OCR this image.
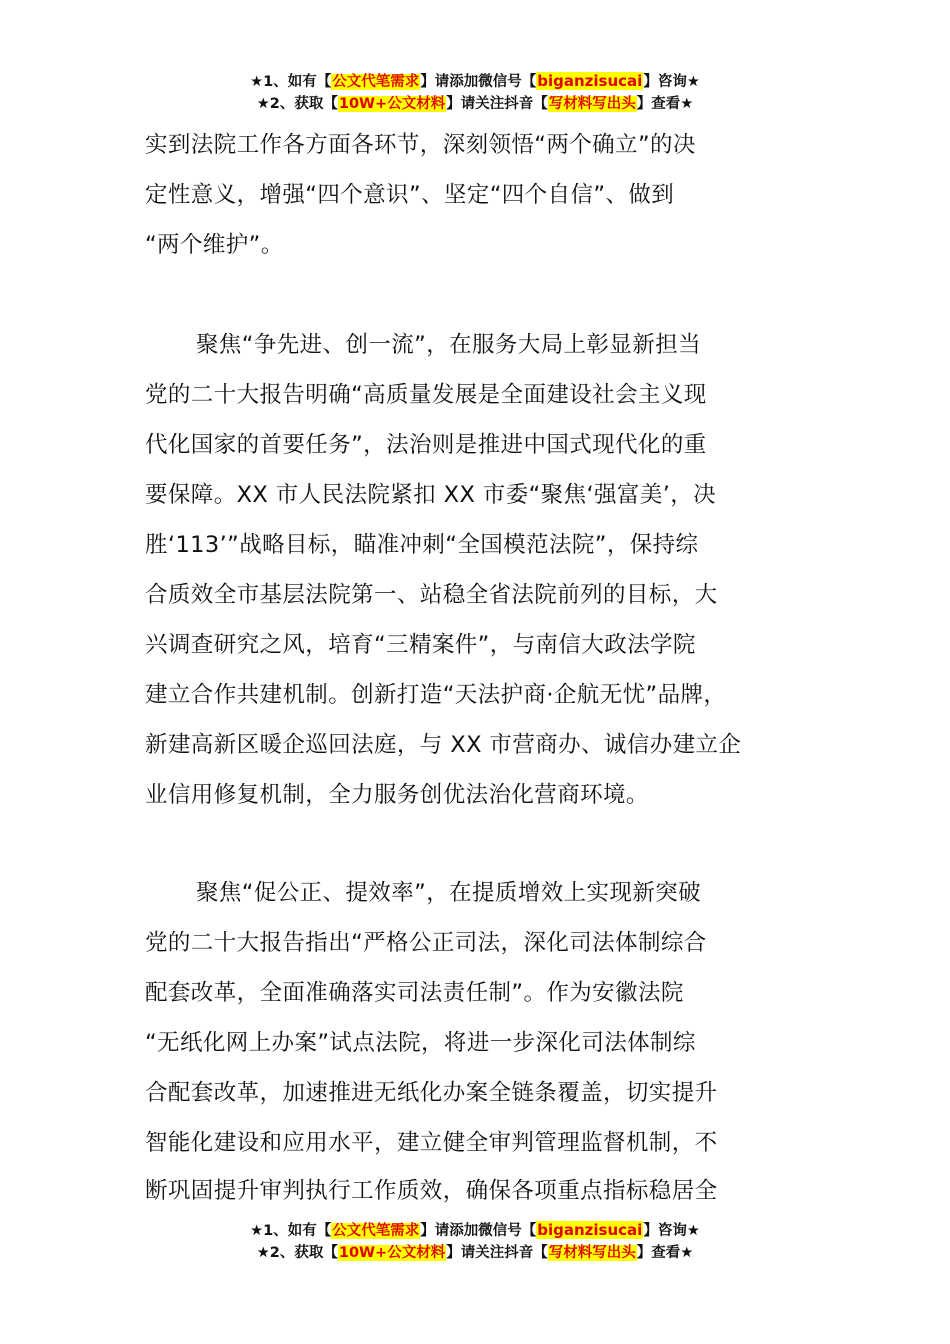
★1、如有【公文代笔需求】请添加微信号【biganzisucai】咨询★
★2、获取【10W+公文材料】请关注抖音【写材料写出头】查看★
实到法院工作各方面各环节，深刻领悟“两个确立”的决
定性意义，增强“四个意识”、坚定“四个自信”、做到
“两个维护”。
聚焦“争先进、创一流”，在服务大局上彰显新担当
党的二十大报告明确“高质量发展是全面建设社会主义现
代化国家的首要任务”，法治则是推进中国式现代化的重
要保障。XX 市人民法院紧扣 XX 市委“聚焦‘强富美’，决
胜‘113’”战略目标，瞄准冲刺“全国模范法院”，保持综
合质效全市基层法院第一、站稳全省法院前列的目标，大
兴调查研究之风，培育“三精案件”，与南信大政法学院
建立合作共建机制。创新打造“天法护商·企航无忧”品牌，
新建高新区暖企巡回法庭，与 XX 市营商办、诚信办建立企
业信用修复机制，全力服务创优法治化营商环境。
聚焦“促公正、提效率”，在提质增效上实现新突破
党的二十大报告指出“严格公正司法，深化司法体制综合
配套改革，全面准确落实司法责任制”。作为安徽法院
“无纸化网上办案”试点法院，将进一步深化司法体制综
合配套改革，加速推进无纸化办案全链条覆盖，切实提升
智能化建设和应用水平，建立健全审判管理监督机制，不
断巩固提升审判执行工作质效，确保各项重点指标稳居全
★1、如有【公文代笔需求】请添加微信号【biganzisucai】咨询★
★2、获取【10W+公文材料】请关注抖音【写材料写出头】查看★
